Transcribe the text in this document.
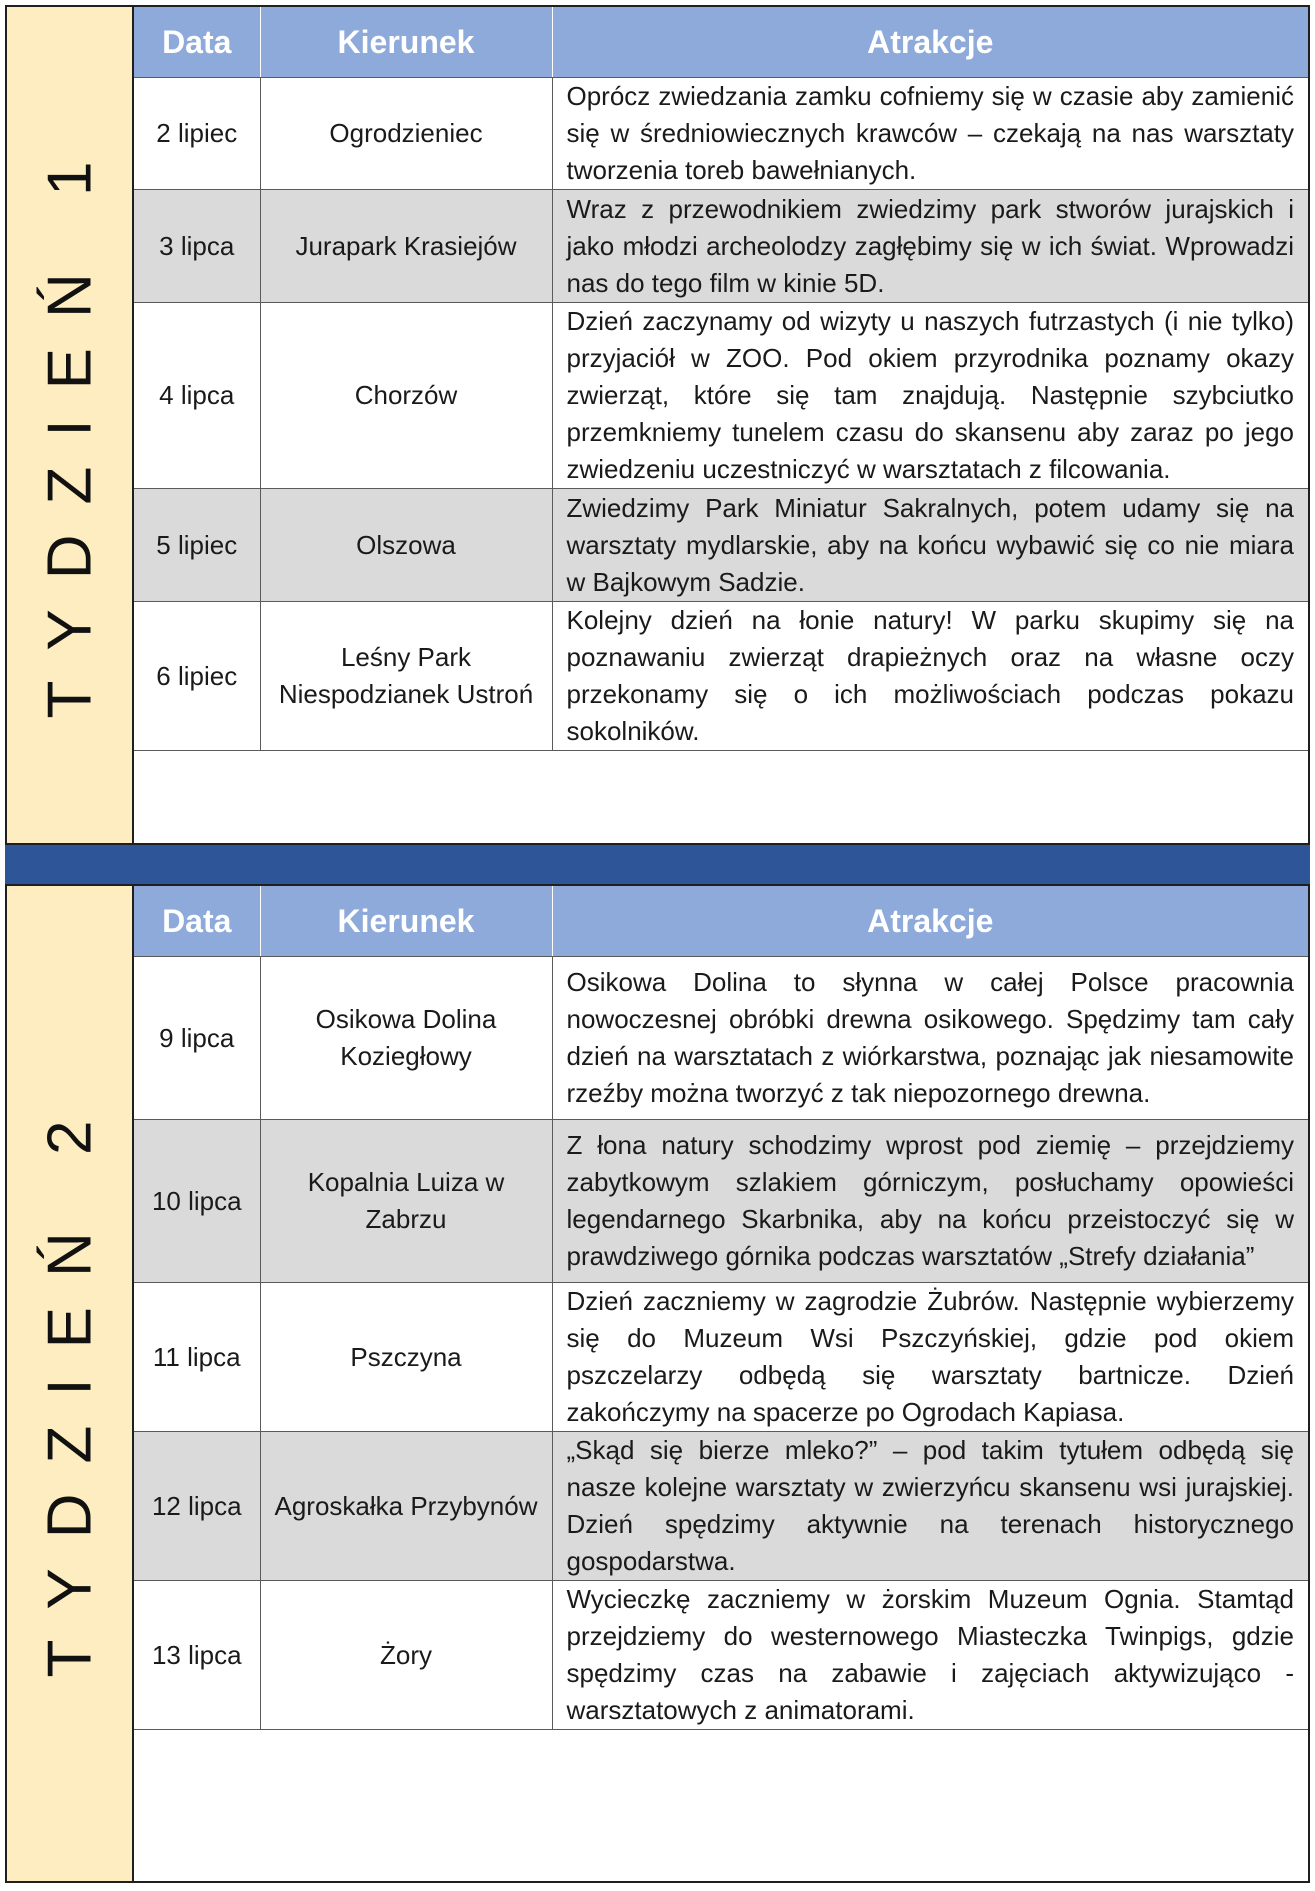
TYDZIEŃ 1
Data	Kierunek	Atrakcje
2 lipiec	Ogrodzieniec	Oprócz zwiedzania zamku cofniemy się w czasie aby zamienić się w średniowiecznych krawców – czekają na nas warsztaty tworzenia toreb bawełnianych.
3 lipca	Jurapark Krasiejów	Wraz z przewodnikiem zwiedzimy park stworów jurajskich i jako młodzi archeolodzy zagłębimy się w ich świat. Wprowadzi nas do tego film w kinie 5D.
4 lipca	Chorzów	Dzień zaczynamy od wizyty u naszych futrzastych (i nie tylko) przyjaciół w ZOO. Pod okiem przyrodnika poznamy okazy zwierząt, które się tam znajdują. Następnie szybciutko przemkniemy tunelem czasu do skansenu aby zaraz po jego zwiedzeniu uczestniczyć w warsztatach z filcowania.
5 lipiec	Olszowa	Zwiedzimy Park Miniatur Sakralnych, potem udamy się na warsztaty mydlarskie, aby na końcu wybawić się co nie miara w Bajkowym Sadzie.
6 lipiec	Leśny Park Niespodzianek Ustroń	Kolejny dzień na łonie natury! W parku skupimy się na poznawaniu zwierząt drapieżnych oraz na własne oczy przekonamy się o ich możliwościach podczas pokazu sokolników.
TYDZIEŃ 2
Data	Kierunek	Atrakcje
9 lipca	Osikowa Dolina Koziegłowy	Osikowa Dolina to słynna w całej Polsce pracownia nowoczesnej obróbki drewna osikowego. Spędzimy tam cały dzień na warsztatach z wiórkarstwa, poznając jak niesamowite rzeźby można tworzyć z tak niepozornego drewna.
10 lipca	Kopalnia Luiza w Zabrzu	Z łona natury schodzimy wprost pod ziemię – przejdziemy zabytkowym szlakiem górniczym, posłuchamy opowieści legendarnego Skarbnika, aby na końcu przeistoczyć się w prawdziwego górnika podczas warsztatów „Strefy działania”
11 lipca	Pszczyna	Dzień zaczniemy w zagrodzie Żubrów. Następnie wybierzemy się do Muzeum Wsi Pszczyńskiej, gdzie pod okiem pszczelarzy odbędą się warsztaty bartnicze. Dzień zakończymy na spacerze po Ogrodach Kapiasa.
12 lipca	Agroskałka Przybynów	„Skąd się bierze mleko?” – pod takim tytułem odbędą się nasze kolejne warsztaty w zwierzyńcu skansenu wsi jurajskiej. Dzień spędzimy aktywnie na terenach historycznego gospodarstwa.
13 lipca	Żory	Wycieczkę zaczniemy w żorskim Muzeum Ognia. Stamtąd przejdziemy do westernowego Miasteczka Twinpigs, gdzie spędzimy czas na zabawie i zajęciach aktywizująco - warsztatowych z animatorami.
